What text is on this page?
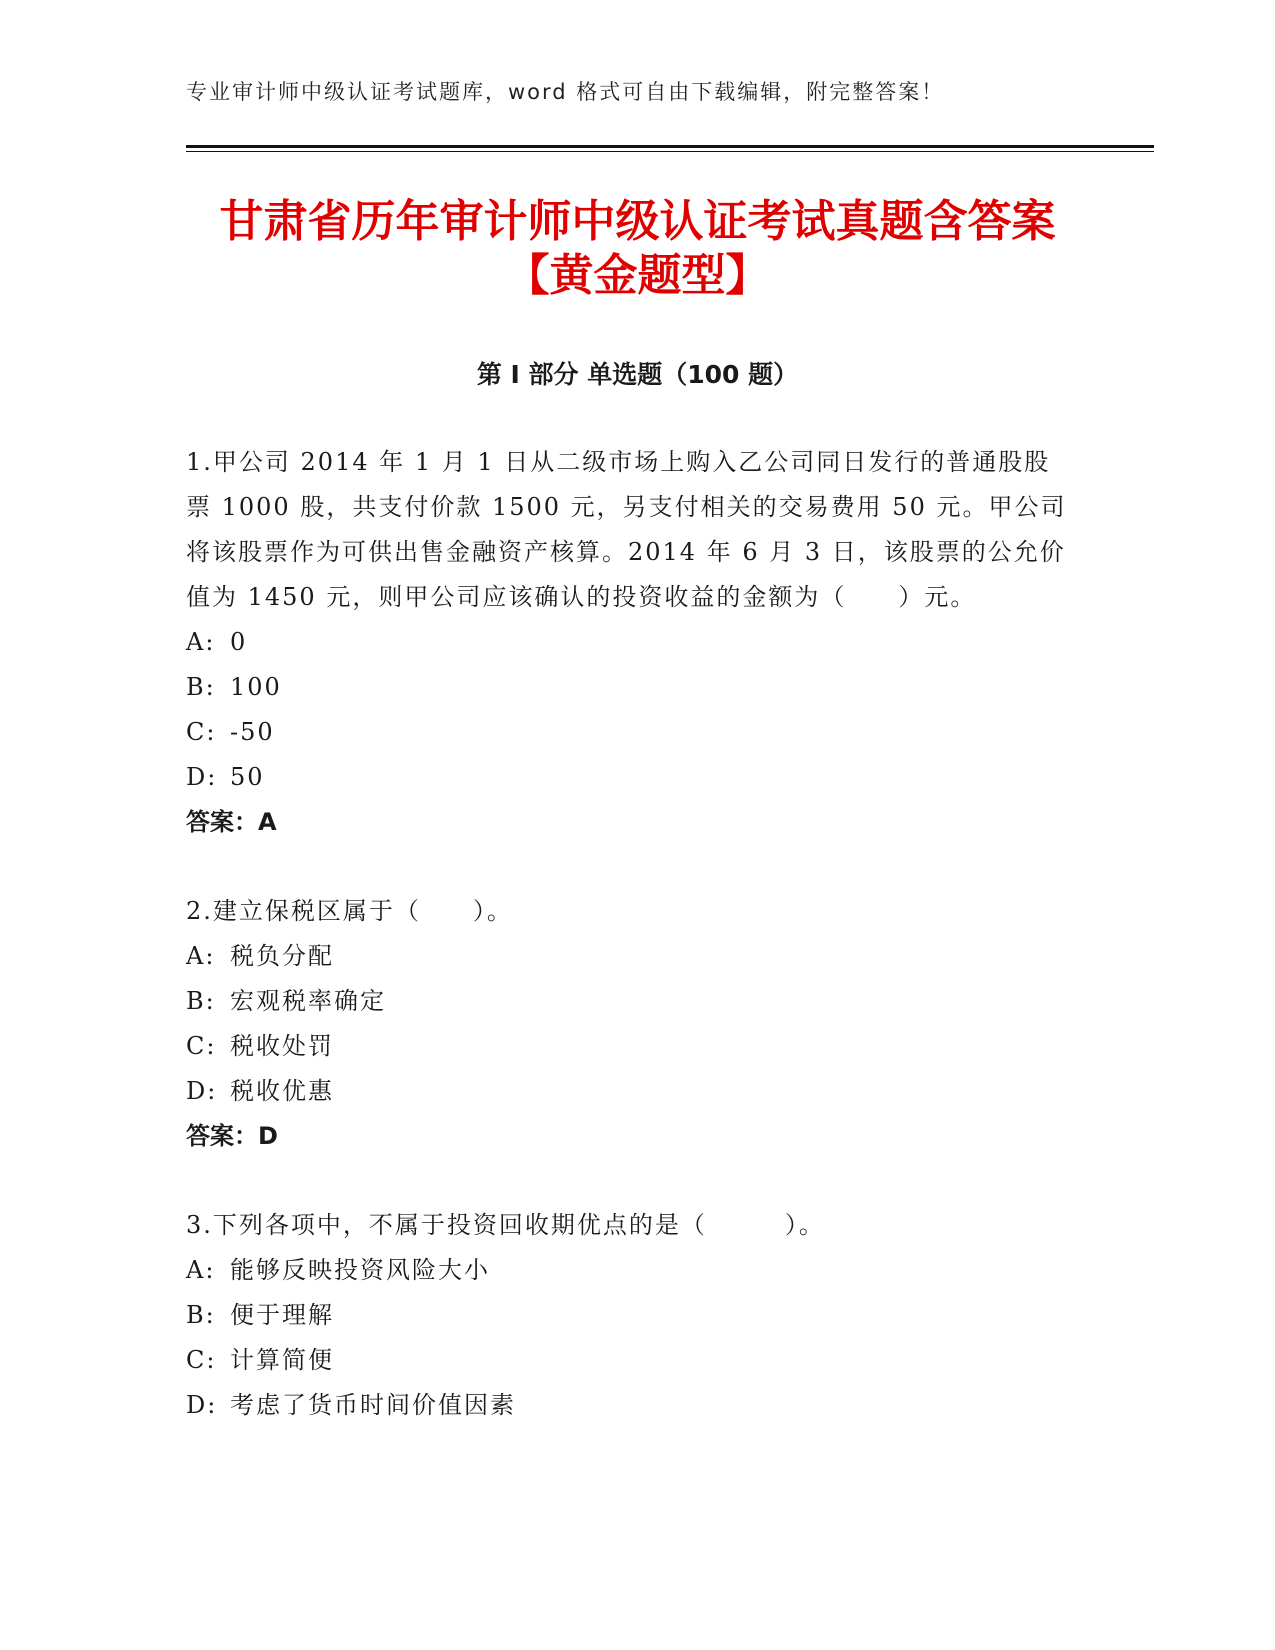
专业审计师中级认证考试题库，word 格式可自由下载编辑，附完整答案！
甘肃省历年审计师中级认证考试真题含答案
【黄金题型】
第 I 部分 单选题（100 题）

1.甲公司 2014 年 1 月 1 日从二级市场上购入乙公司同日发行的普通股股票 1000 股，共支付价款 1500 元，另支付相关的交易费用 50 元。甲公司将该股票作为可供出售金融资产核算。2014 年 6 月 3 日，该股票的公允价值为 1450 元，则甲公司应该确认的投资收益的金额为（　　）元。

A: 0

B: 100

C: -50

D: 50

答案：A

2.建立保税区属于（　　）。

A: 税负分配

B: 宏观税率确定

C: 税收处罚

D: 税收优惠

答案：D

3.下列各项中，不属于投资回收期优点的是（　　　）。

A: 能够反映投资风险大小

B: 便于理解

C: 计算简便

D: 考虑了货币时间价值因素
